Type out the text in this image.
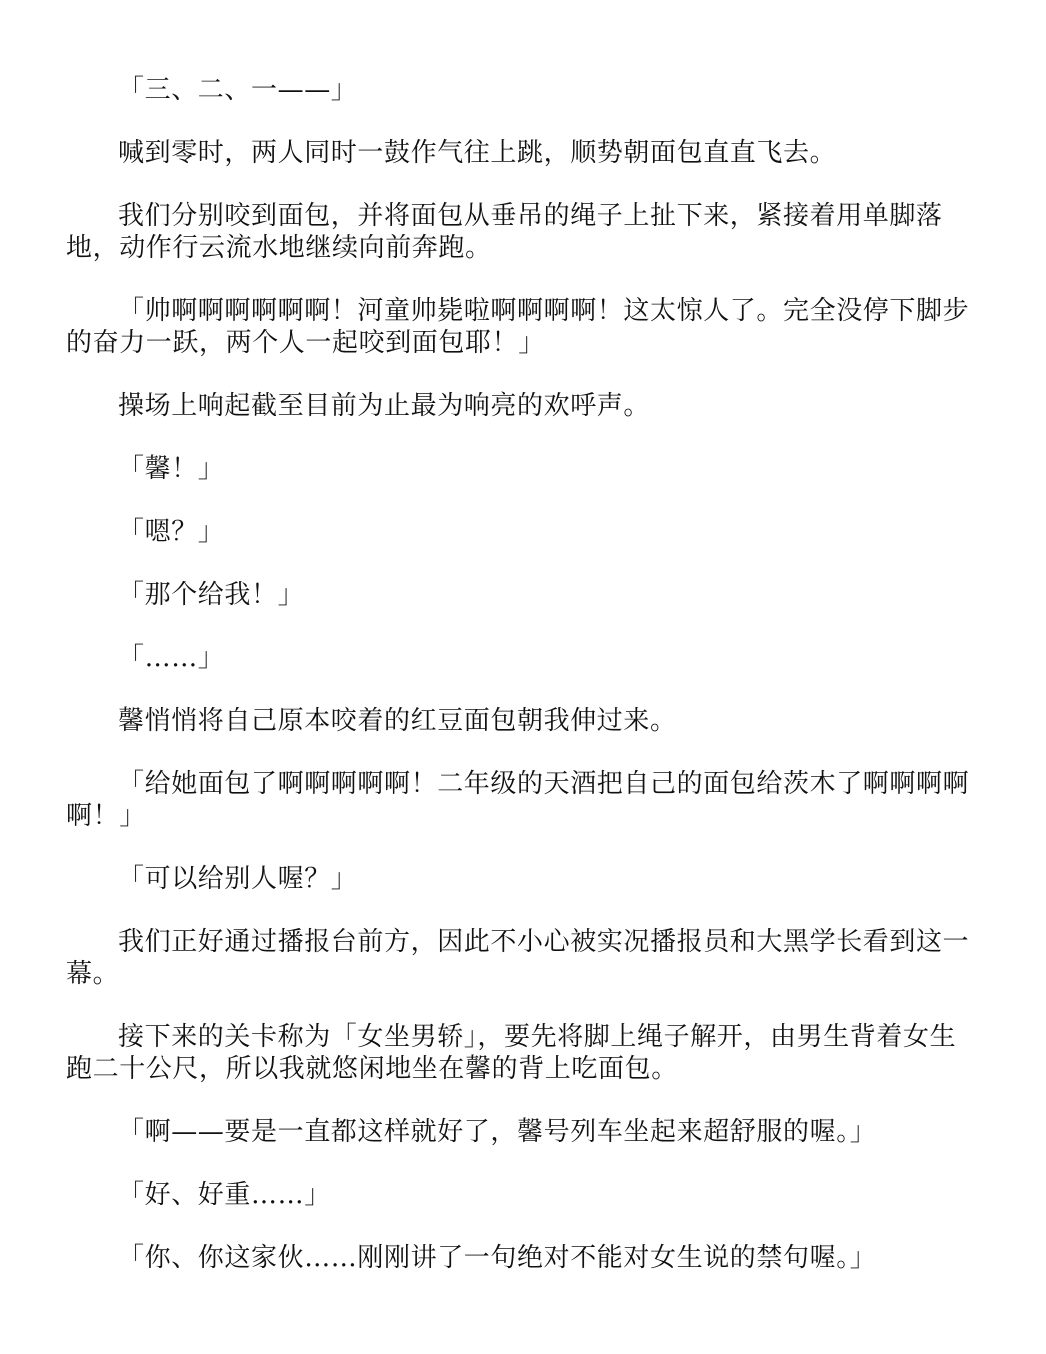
「三、二、一——」

喊到零时，两人同时一鼓作气往上跳，顺势朝面包直直飞去。

我们分别咬到面包，并将面包从垂吊的绳子上扯下来，紧接着用单脚落地，动作行云流水地继续向前奔跑。

「帅啊啊啊啊啊啊！河童帅毙啦啊啊啊啊！这太惊人了。完全没停下脚步的奋力一跃，两个人一起咬到面包耶！」

操场上响起截至目前为止最为响亮的欢呼声。

「馨！」

「嗯？」

「那个给我！」

「……」

馨悄悄将自己原本咬着的红豆面包朝我伸过来。

「给她面包了啊啊啊啊啊！二年级的天酒把自己的面包给茨木了啊啊啊啊啊！」

「可以给别人喔？」

我们正好通过播报台前方，因此不小心被实况播报员和大黑学长看到这一幕。

接下来的关卡称为「女坐男轿」，要先将脚上绳子解开，由男生背着女生跑二十公尺，所以我就悠闲地坐在馨的背上吃面包。

「啊——要是一直都这样就好了，馨号列车坐起来超舒服的喔。」

「好、好重……」

「你、你这家伙……刚刚讲了一句绝对不能对女生说的禁句喔。」
